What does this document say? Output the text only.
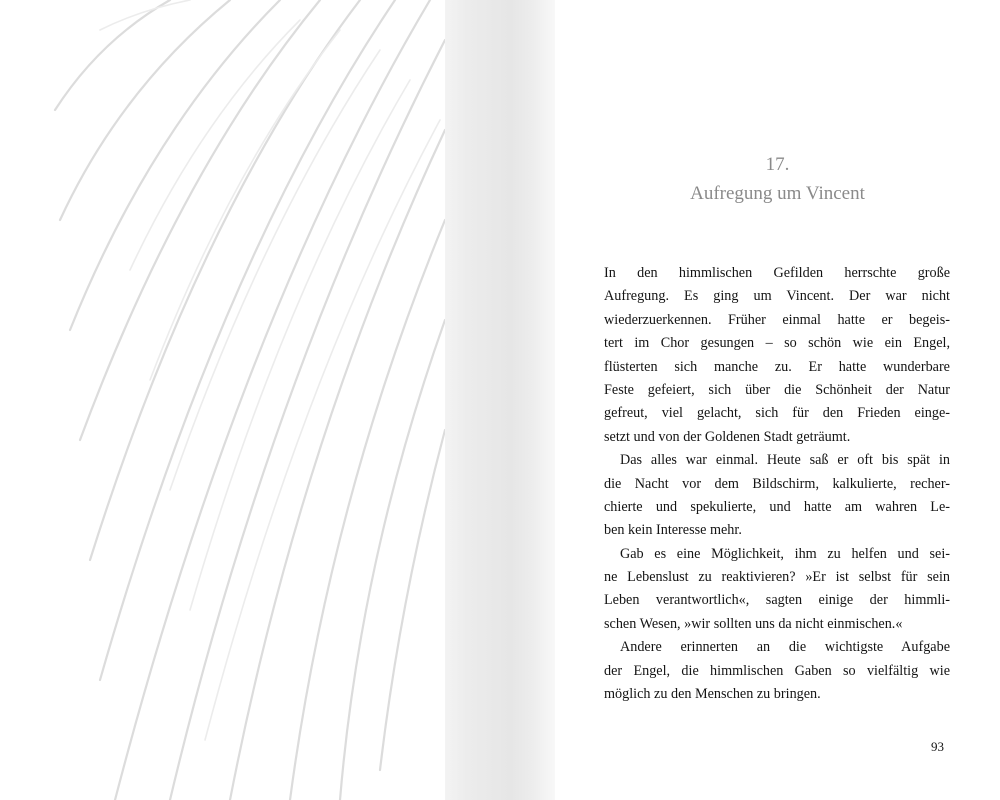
17.
Aufregung um Vincent
In den himmlischen Gefilden herrschte große
Aufregung. Es ging um Vincent. Der war nicht
wiederzuerkennen. Früher einmal hatte er begeis-
tert im Chor gesungen – so schön wie ein Engel,
flüsterten sich manche zu. Er hatte wunderbare
Feste gefeiert, sich über die Schönheit der Natur
gefreut, viel gelacht, sich für den Frieden einge-
setzt und von der Goldenen Stadt geträumt.
Das alles war einmal. Heute saß er oft bis spät in
die Nacht vor dem Bildschirm, kalkulierte, recher-
chierte und spekulierte, und hatte am wahren Le-
ben kein Interesse mehr.
Gab es eine Möglichkeit, ihm zu helfen und sei-
ne Lebenslust zu reaktivieren? »Er ist selbst für sein
Leben verantwortlich«, sagten einige der himmli-
schen Wesen, »wir sollten uns da nicht einmischen.«
Andere erinnerten an die wichtigste Aufgabe
der Engel, die himmlischen Gaben so vielfältig wie
möglich zu den Menschen zu bringen.
93
